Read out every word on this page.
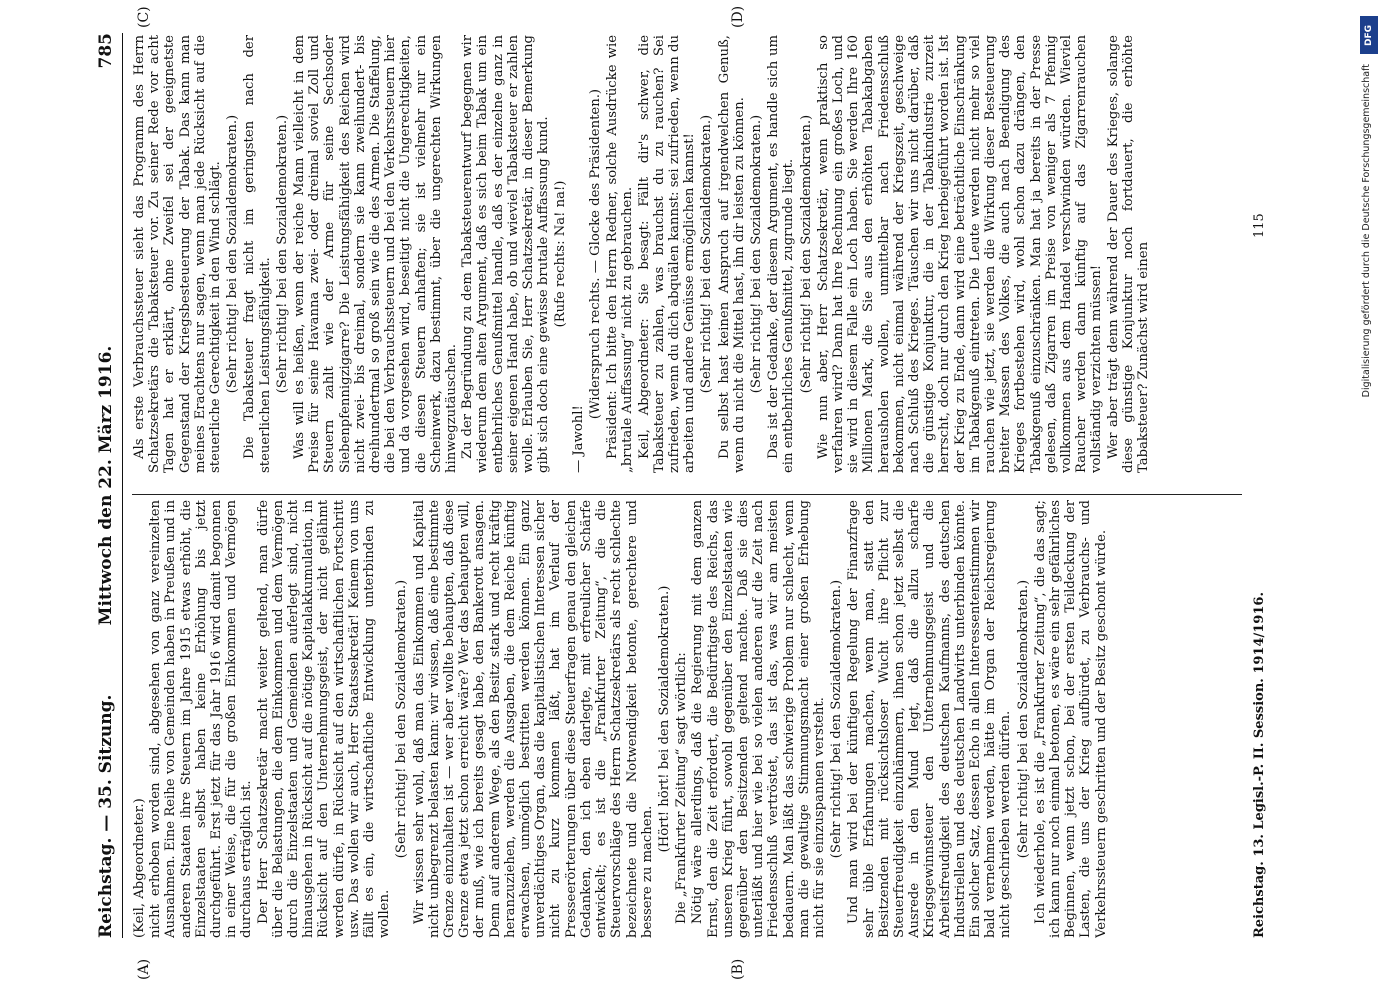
Reichstag. — 35. Sitzung.
Mittwoch den 22. März 1916.
785
(A)	(B)
(C)	(D)

(Keil, Abgeordneter.) nicht erhoben worden sind, abgesehen von ganz vereinzelten Ausnahmen. Eine Reihe von Gemeinden haben in Preußen und in anderen Staaten ihre Steuern im Jahre 1915 etwas erhöht, die Einzelstaaten selbst haben keine Erhöhung bis jetzt durchgeführt. Erst jetzt für das Jahr 1916 wird damit begonnen in einer Weise, die für die großen Einkommen und Vermögen durchaus erträglich ist. Der Herr Schatzsekretär macht weiter geltend, man dürfe über die Belastungen, die dem Einkommen und dem Vermögen durch die Einzelstaaten und Gemeinden auferlegt sind, nicht hinausgehen in Rücksicht auf die nötige Kapitalakkumulation, in Rücksicht auf den Unternehmungsgeist, der nicht gelähmt werden dürfe, in Rücksicht auf den wirtschaftlichen Fortschritt usw. Das wollen wir auch, Herr Staatssekretär! Keinem von uns fällt es ein, die wirtschaftliche Entwicklung unterbinden zu wollen.

(Sehr richtig! bei den Sozialdemokraten.) Wir wissen sehr wohl, daß man das Einkommen und Kapital nicht unbegrenzt belasten kann: wir wissen, daß eine bestimmte Grenze einzuhalten ist — wer aber wollte behaupten, daß diese Grenze etwa jetzt schon erreicht wäre? Wer das behaupten will, der muß, wie ich bereits gesagt habe, den Bankerott ansagen. Denn auf anderem Wege, als den Besitz stark und recht kräftig heranzuziehen, werden die Ausgaben, die dem Reiche künftig erwachsen, unmöglich bestritten werden können. Ein ganz unverdächtiges Organ, das die kapitalistischen Interessen sicher nicht zu kurz kommen läßt, hat im Verlauf der Presseerörterungen über diese Steuerfragen genau den gleichen Gedanken, den ich eben darlegte, mit erfreulicher Schärfe entwickelt; es ist die „Frankfurter Zeitung“, die die Steuervorschläge des Herrn Schatzsekretärs als recht schlechte bezeichnete und die Notwendigkeit betonte, gerechtere und bessere zu machen.

(Hört! hört! bei den Sozialdemokraten.) Die „Frankfurter Zeitung“ sagt wörtlich: Nötig wäre allerdings, daß die Regierung mit dem ganzen Ernst, den die Zeit erfordert, die Bedürftigste des Reichs, das unseren Krieg führt, sowohl gegenüber den Einzelstaaten wie gegenüber den Besitzenden geltend machte. Daß sie dies unterläßt und hier wie bei so vielen anderen auf die Zeit nach Friedensschluß vertröstet, das ist das, was wir am meisten bedauern. Man läßt das schwierige Problem nur schlecht, wenn man die gewaltige Stimmungsmacht einer großen Erhebung nicht für sie einzuspannen versteht. (Sehr richtig! bei den Sozialdemokraten.) Und man wird bei der künftigen Regelung der Finanzfrage sehr üble Erfahrungen machen, wenn man, statt den Besitzenden mit rücksichtsloser Wucht ihre Pflicht zur Steuerfreudigkeit einzuhämmern, ihnen schon jetzt selbst die Ausrede in den Mund legt, daß die allzu scharfe Kriegsgewinnsteuer den Unternehmungsgeist und die Arbeitsfreudigkeit des deutschen Kaufmanns, des deutschen Industriellen und des deutschen Landwirts unterbinden könnte. Ein solcher Satz, dessen Echo in allen Interessentenstimmen wir bald vernehmen werden, hätte im Organ der Reichsregierung nicht geschrieben werden dürfen. (Sehr richtig! bei den Sozialdemokraten.) Ich wiederhole, es ist die „Frankfurter Zeitung“, die das sagt; ich kann nur noch einmal betonen, es wäre ein sehr gefährliches Beginnen, wenn jetzt schon, bei der ersten Teildeckung der Lasten, die uns der Krieg aufbürdet, zu Verbrauchs- und Verkehrssteuern geschritten und der Besitz geschont würde.

Als erste Verbrauchssteuer sieht das Programm des Herrn Schatzsekretärs die Tabaksteuer vor. Zu seiner Rede vor acht Tagen hat er erklärt, ohne Zweifel sei der geeignetste Gegenstand der Kriegsbesteuerung der Tabak. Das kann man meines Erachtens nur sagen, wenn man jede Rücksicht auf die steuerliche Gerechtigkeit in den Wind schlägt. (Sehr richtig! bei den Sozialdemokraten.) Die Tabaksteuer fragt nicht im geringsten nach der steuerlichen Leistungsfähigkeit. (Sehr richtig! bei den Sozialdemokraten.) Was will es heißen, wenn der reiche Mann vielleicht in dem Preise für seine Havanna zwei- oder dreimal soviel Zoll und Steuern zahlt wie der Arme für seine Sechsoder Siebenpfennigzigarre? Die Leistungsfähigkeit des Reichen wird nicht zwei- bis dreimal, sondern sie kann zweihundert- bis dreihundertmal so groß sein wie die des Armen. Die Staffelung, die bei den Verbrauchssteuern und bei den Verkehrssteuern hier und da vorgesehen wird, beseitigt nicht die Ungerechtigkeiten, die diesen Steuern anhaften; sie ist vielmehr nur ein Scheinwerk, dazu bestimmt, über die ungerechten Wirkungen hinwegzutäuschen. Zu der Begründung zu dem Tabaksteuerentwurf begegnen wir wiederum dem alten Argument, daß es sich beim Tabak um ein entbehrliches Genußmittel handle, daß es der einzelne ganz in seiner eigenen Hand habe, ob und wieviel Tabaksteuer er zahlen wolle. Erlauben Sie, Herr Schatzsekretär, in dieser Bemerkung gibt sich doch eine gewisse brutale Auffassung kund. (Rufe rechts: Na! na!)

— Jawohl!

(Widerspruch rechts. — Glocke des Präsidenten.) Präsident: Ich bitte den Herrn Redner, solche Ausdrücke wie „brutale Auffassung“ nicht zu gebrauchen. Keil, Abgeordneter: Sie besagt: Fällt dir's schwer, die Tabaksteuer zu zahlen, was brauchst du zu rauchen? Sei zufrieden, wenn du dich abquälen kannst: sei zufrieden, wenn du arbeiten und andere Genüsse ermöglichen kannst! (Sehr richtig! bei den Sozialdemokraten.) Du selbst hast keinen Anspruch auf irgendwelchen Genuß, wenn du nicht die Mittel hast, ihn dir leisten zu können. (Sehr richtig! bei den Sozialdemokraten.) Das ist der Gedanke, der diesem Argument, es handle sich um ein entbehrliches Genußmittel, zugrunde liegt. (Sehr richtig! bei den Sozialdemokraten.) Wie nun aber, Herr Schatzsekretär, wenn praktisch so verfahren wird? Dann hat Ihre Rechnung ein großes Loch, und sie wird in diesem Falle ein Loch haben. Sie werden Ihre 160 Millionen Mark, die Sie aus den erhöhten Tabakabgaben herausholen wollen, unmittelbar nach Friedensschluß bekommen, nicht einmal während der Kriegszeit, geschweige nach Schluß des Krieges. Täuschen wir uns nicht darüber, daß die günstige Konjunktur, die in der Tabakindustrie zurzeit herrscht, doch nur durch den Krieg herbeigeführt worden ist. Ist der Krieg zu Ende, dann wird eine beträchtliche Einschränkung im Tabakgenuß eintreten. Die Leute werden nicht mehr so viel rauchen wie jetzt, sie werden die Wirkung dieser Besteuerung breiter Massen des Volkes, die auch nach Beendigung des Krieges fortbestehen wird, wohl schon dazu drängen, den Tabakgenuß einzuschränken. Man hat ja bereits in der Presse gelesen, daß Zigarren im Preise von weniger als 7 Pfennig vollkommen aus dem Handel verschwinden würden. Wieviel Raucher werden dann künftig auf das Zigarrenrauchen vollständig verzichten müssen! Wer aber trägt denn während der Dauer des Krieges, solange diese günstige Konjunktur noch fortdauert, die erhöhte Tabaksteuer? Zunächst wird einen

Reichstag. 13. Legisl.-P. II. Session. 1914/1916.
115
DFG
Digitalisierung gefördert durch die Deutsche Forschungsgemeinschaft
